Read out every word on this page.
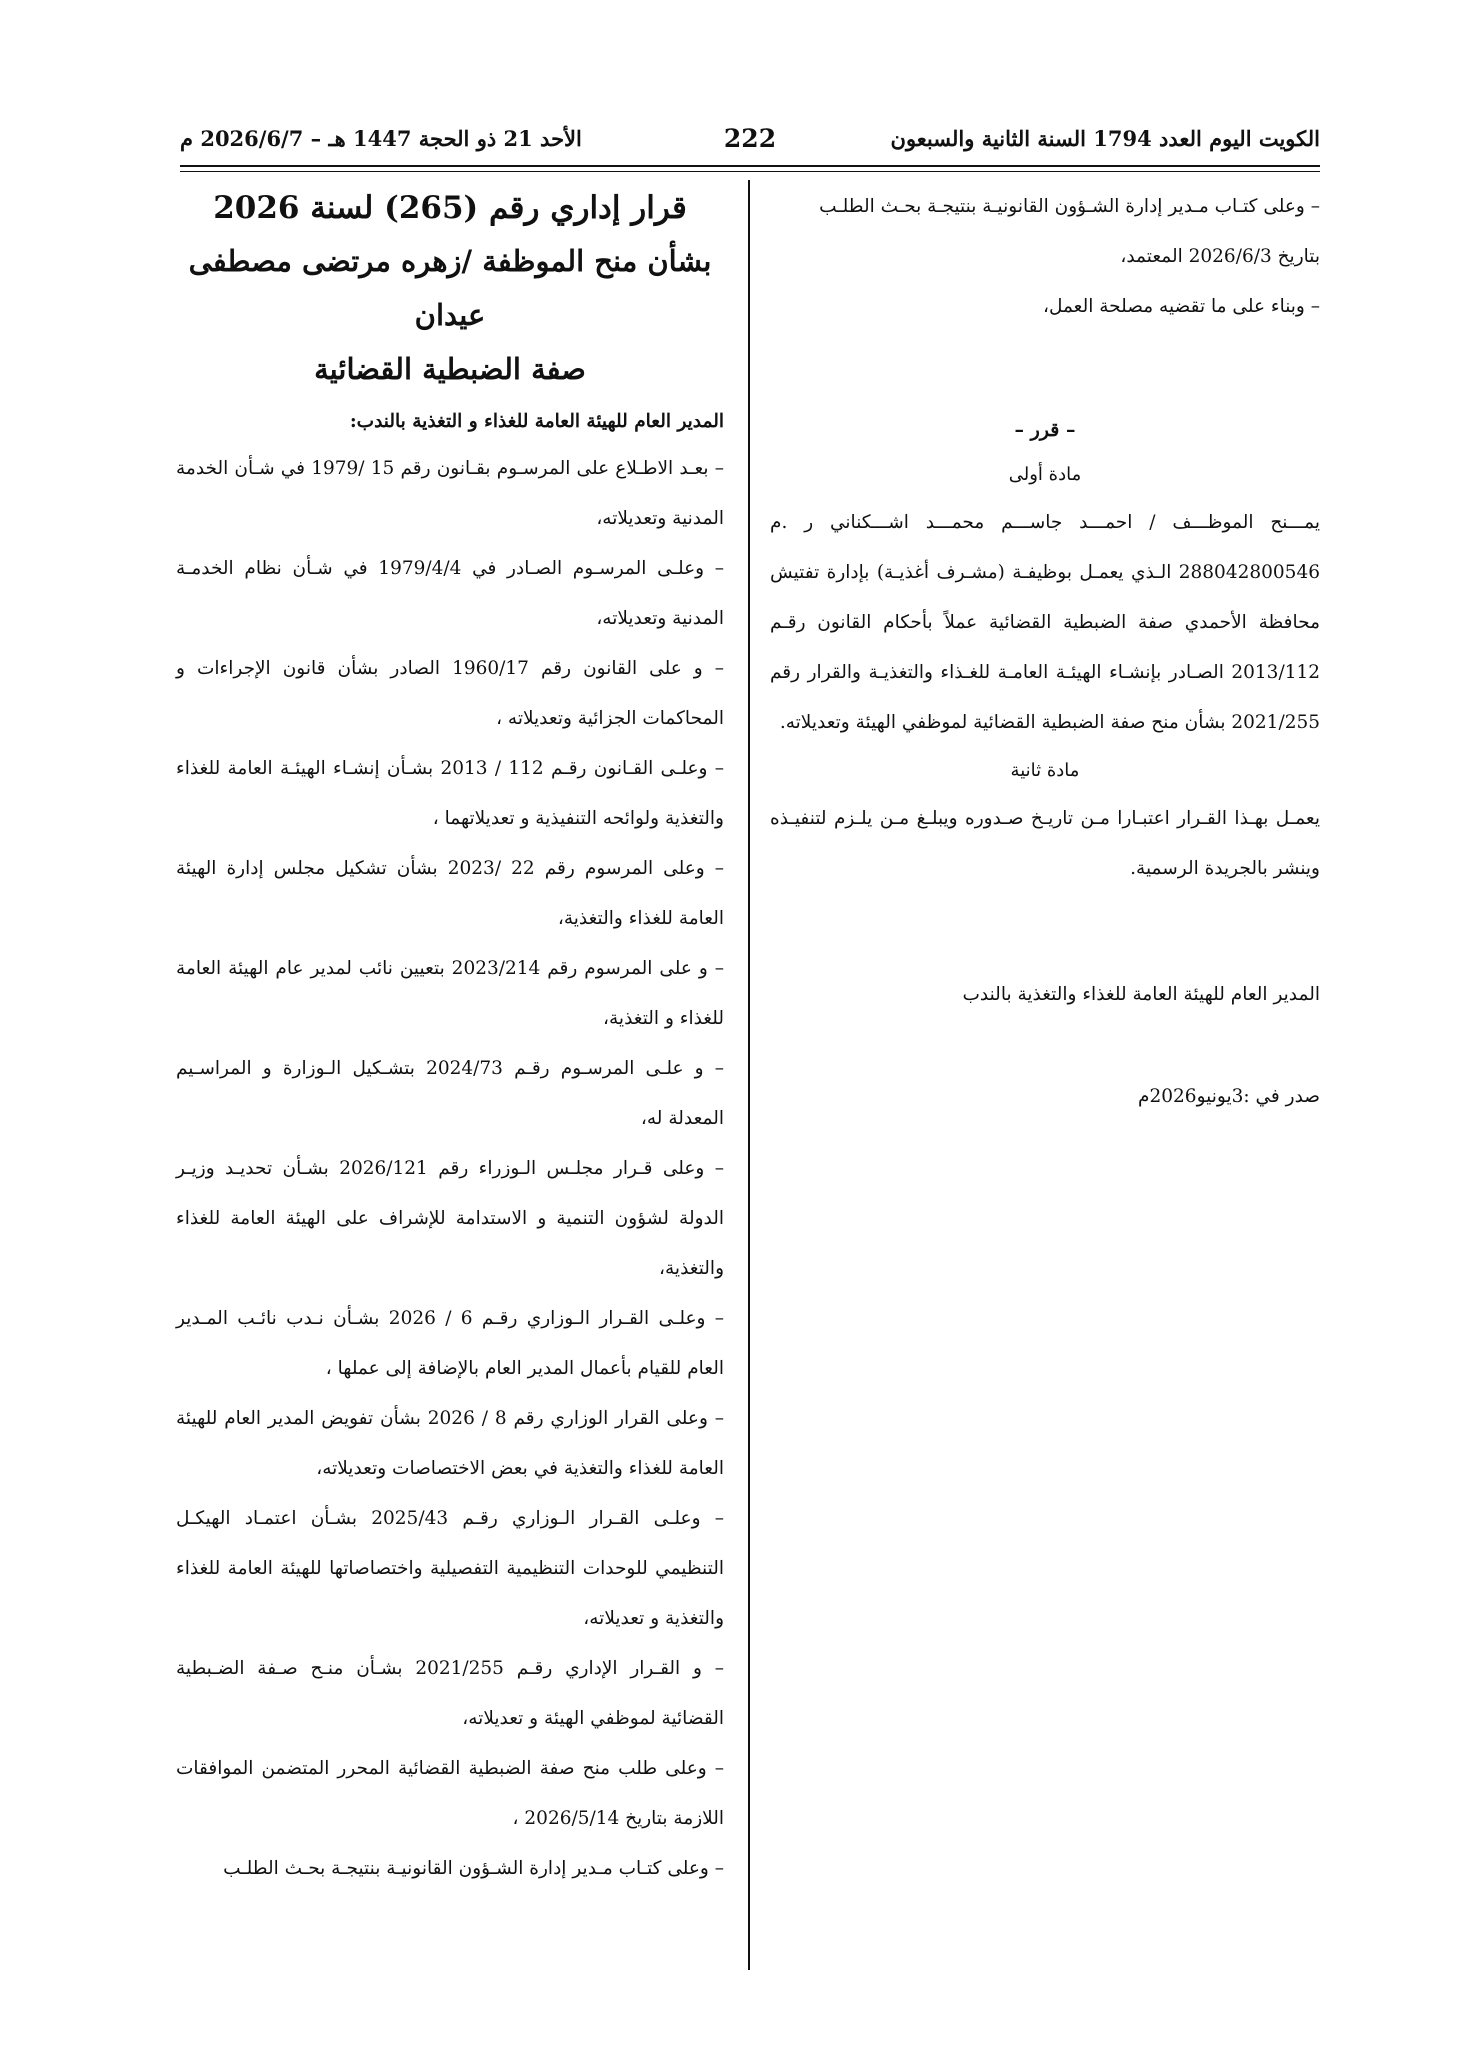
الكويت اليوم العدد 1794 السنة الثانية والسبعون
222
الأحد 21 ذو الحجة 1447 هـ – 2026/6/7 م

– وعلى كتـاب مـدير إدارة الشـؤون القانونيـة بنتيجـة بحـث الطلـب

بتاريخ 2026/6/3 المعتمد،

– وبناء على ما تقضيه مصلحة العمل،

– قرر –

مادة أولى

يمـــنح الموظـــف / احمـــد جاســـم محمـــد اشـــكناني ر .م 288042800546 الـذي يعمـل بوظيفـة (مشـرف أغذيـة) بإدارة تفتيش محافظة الأحمدي صفة الضبطية القضائية عملاً بأحكام القانون رقـم 2013/112 الصـادر بإنشـاء الهيئـة العامـة للغـذاء والتغذيـة والقرار رقم 2021/255 بشأن منح صفة الضبطية القضائية لموظفي الهيئة وتعديلاته.

مادة ثانية

يعمـل بهـذا القـرار اعتبـارا مـن تاريـخ صـدوره ويبلـغ مـن يلـزم لتنفيـذه وينشر بالجريدة الرسمية.

المدير العام للهيئة العامة للغذاء والتغذية بالندب

صدر في :3يونيو2026م

قرار إداري رقم (265) لسنة 2026

بشأن منح الموظفة /زهره مرتضى مصطفى عيدان

صفة الضبطية القضائية

المدير العام للهيئة العامة للغذاء و التغذية بالندب:

– بعـد الاطـلاع على المرسـوم بقـانون رقم 15 /1979 في شـأن الخدمة المدنية وتعديلاته،

– وعلـى المرسـوم الصـادر في 1979/4/4 في شـأن نظام الخدمـة المدنية وتعديلاته،

– و على القانون رقم 1960/17 الصادر بشأن قانون الإجراءات و المحاكمات الجزائية وتعديلاته ،

– وعلـى القـانون رقـم 112 / 2013 بشـأن إنشـاء الهيئـة العامة للغذاء والتغذية ولوائحه التنفيذية و تعديلاتهما ،

– وعلى المرسوم رقم 22 /2023 بشأن تشكيل مجلس إدارة الهيئة العامة للغذاء والتغذية،

– و على المرسوم رقم 2023/214 بتعيين نائب لمدير عام الهيئة العامة للغذاء و التغذية،

– و علـى المرسـوم رقـم 2024/73 بتشـكيل الـوزارة و المراسـيم المعدلة له،

– وعلى قـرار مجلـس الـوزراء رقم 2026/121 بشـأن تحديـد وزيـر الدولة لشؤون التنمية و الاستدامة للإشراف على الهيئة العامة للغذاء والتغذية،

– وعلـى القـرار الـوزاري رقـم 6 / 2026 بشـأن نـدب نائـب المـدير العام للقيام بأعمال المدير العام بالإضافة إلى عملها ،

– وعلى القرار الوزاري رقم 8 / 2026 بشأن تفويض المدير العام للهيئة العامة للغذاء والتغذية في بعض الاختصاصات وتعديلاته،

– وعلـى القـرار الـوزاري رقـم 2025/43 بشـأن اعتمـاد الهيكـل التنظيمي للوحدات التنظيمية التفصيلية واختصاصاتها للهيئة العامة للغذاء والتغذية و تعديلاته،

– و القـرار الإداري رقـم 2021/255 بشـأن منـح صـفة الضـبطية القضائية لموظفي الهيئة و تعديلاته،

– وعلى طلب منح صفة الضبطية القضائية المحرر المتضمن الموافقات اللازمة بتاريخ 2026/5/14 ،

– وعلى كتـاب مـدير إدارة الشـؤون القانونيـة بنتيجـة بحـث الطلـب
